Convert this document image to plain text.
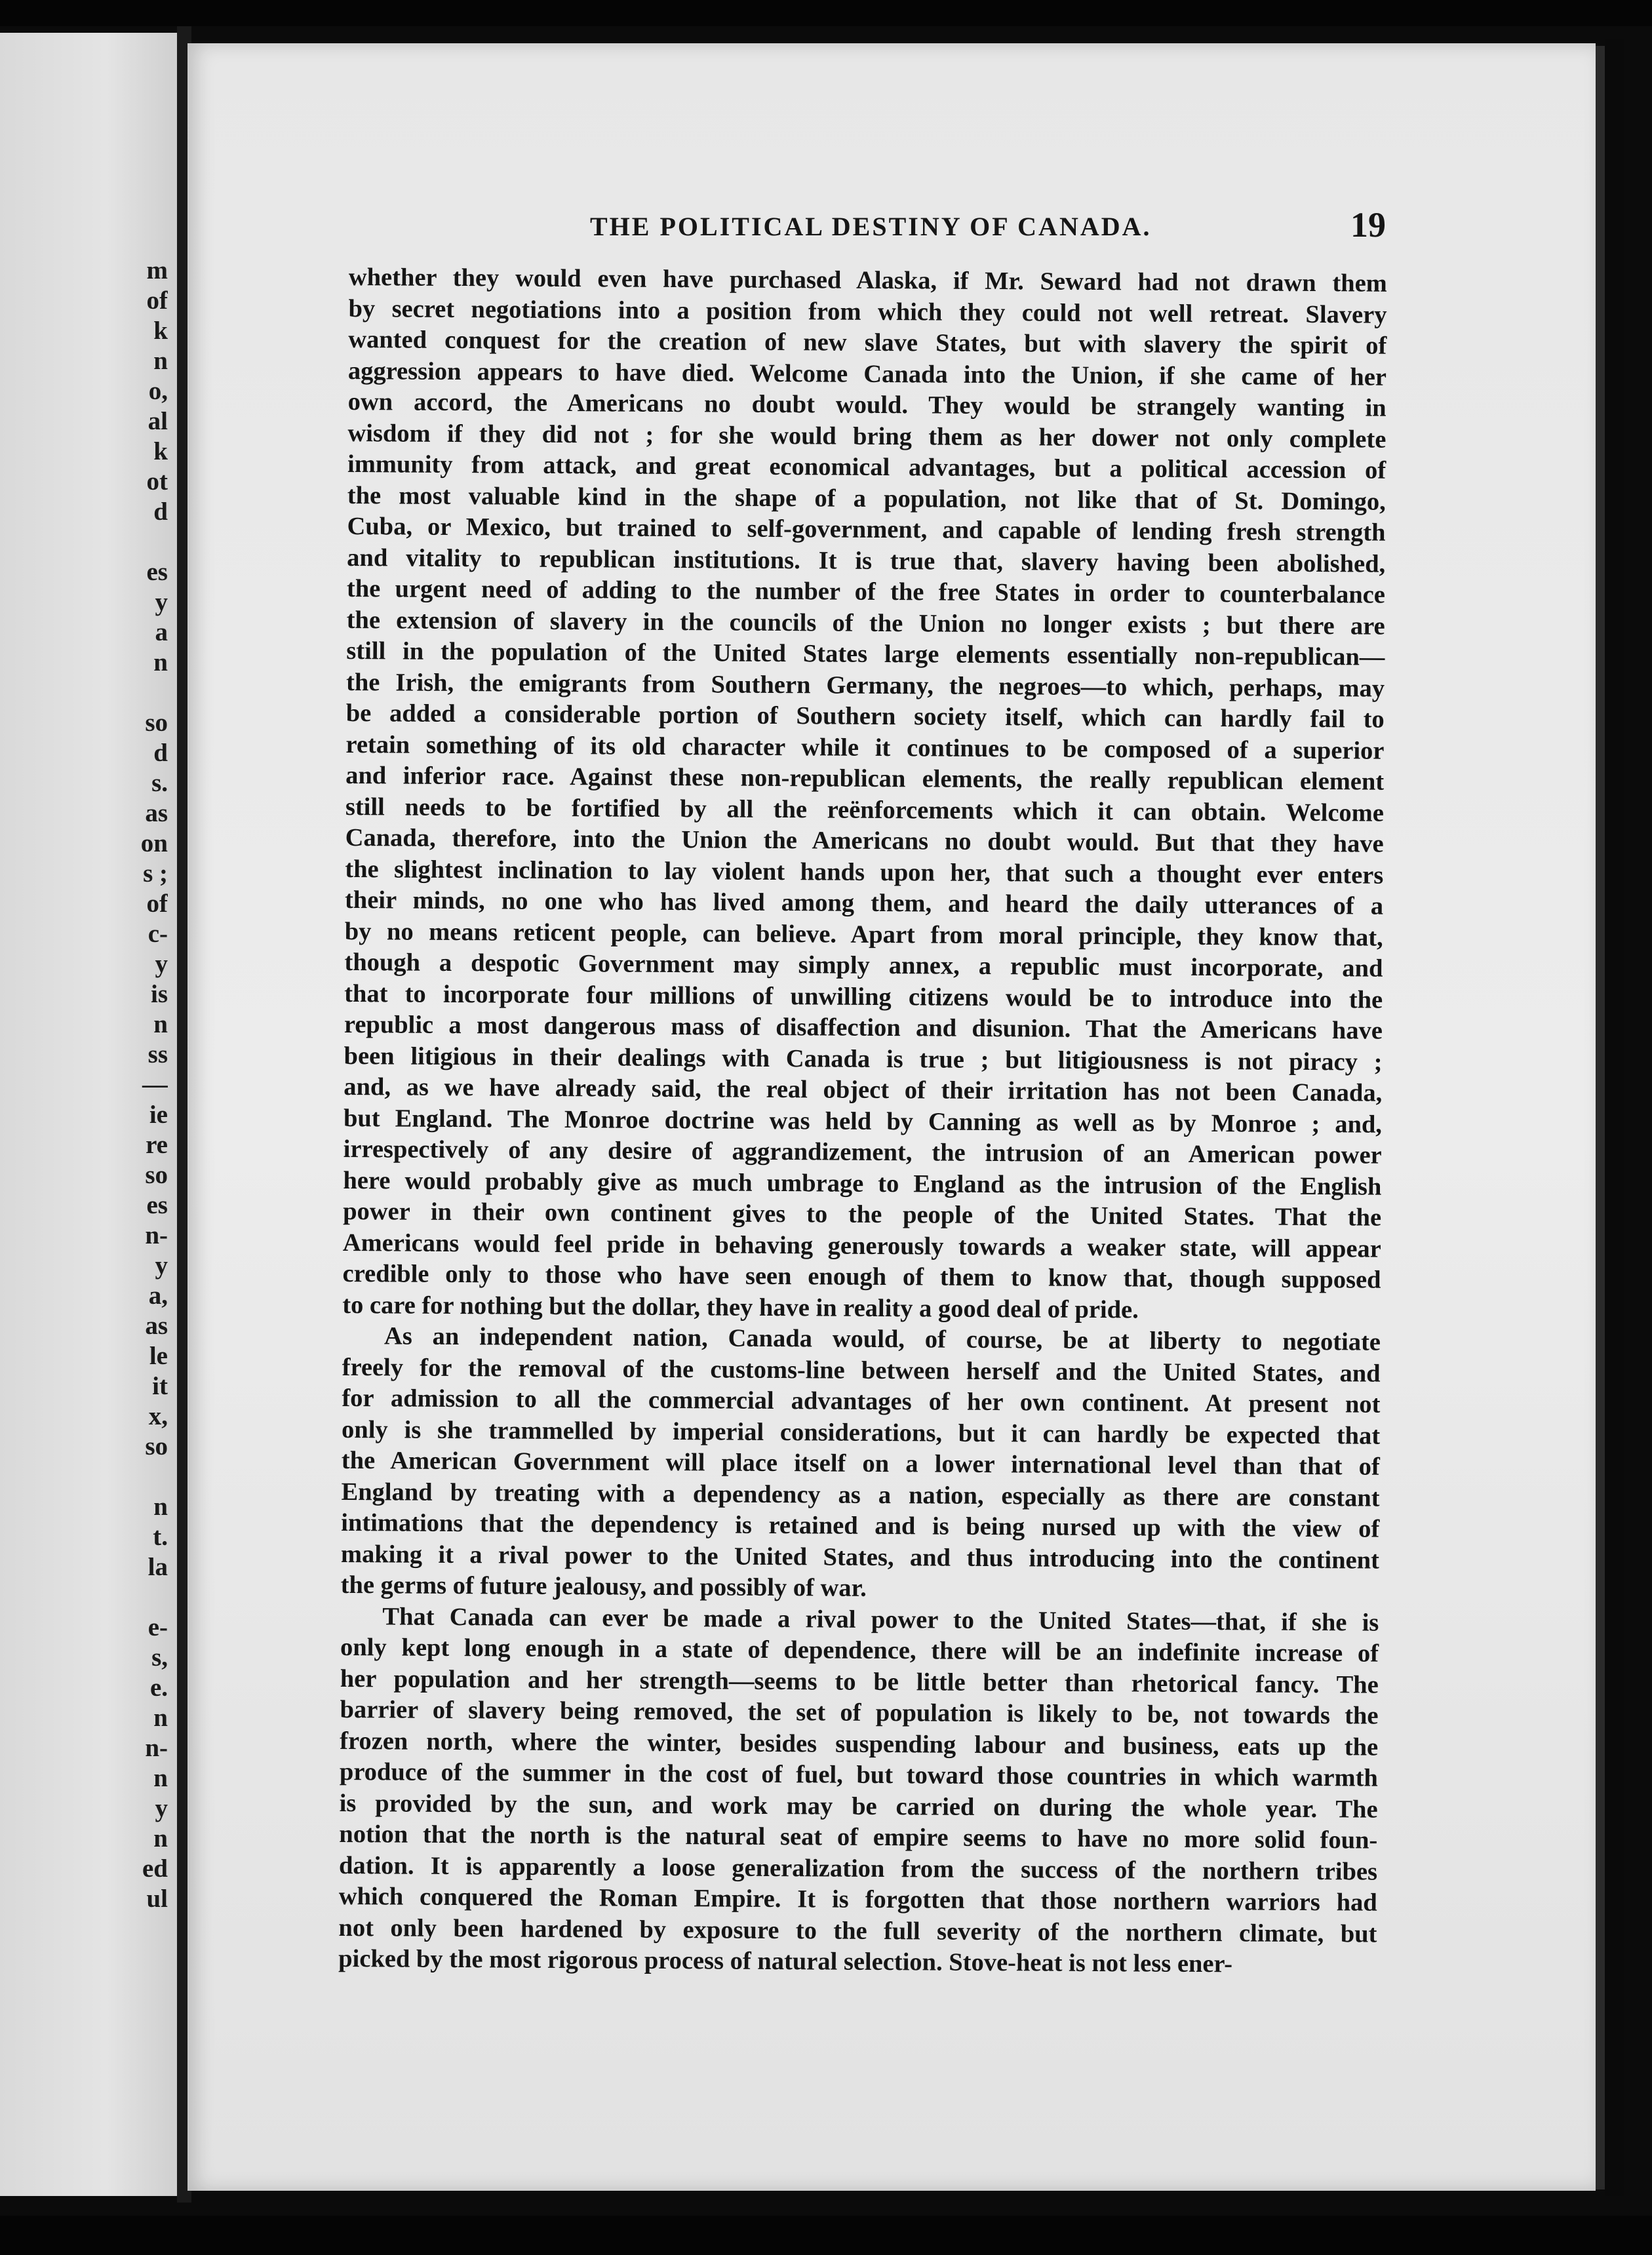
m
of
k
n
o,
al
k
ot
d
es
y
a
n
so
d
s.
as
on
s ;
of
c-
y
is
n
ss
—
ie
re
so
es
n-
y
a,
as
le
it
x,
so
n
t.
la
e-
s,
e.
n
n-
n
y
n
ed
ul
THE POLITICAL DESTINY OF CANADA.	19
whether they would even have purchased Alaska, if Mr. Seward had not drawn them
by secret negotiations into a position from which they could not well retreat. Slavery
wanted conquest for the creation of new slave States, but with slavery the spirit of
aggression appears to have died. Welcome Canada into the Union, if she came of her
own accord, the Americans no doubt would. They would be strangely wanting in
wisdom if they did not ; for she would bring them as her dower not only complete
immunity from attack, and great economical advantages, but a political accession of
the most valuable kind in the shape of a population, not like that of St. Domingo,
Cuba, or Mexico, but trained to self-government, and capable of lending fresh strength
and vitality to republican institutions. It is true that, slavery having been abolished,
the urgent need of adding to the number of the free States in order to counterbalance
the extension of slavery in the councils of the Union no longer exists ; but there are
still in the population of the United States large elements essentially non-republican—
the Irish, the emigrants from Southern Germany, the negroes—to which, perhaps, may
be added a considerable portion of Southern society itself, which can hardly fail to
retain something of its old character while it continues to be composed of a superior
and inferior race. Against these non-republican elements, the really republican element
still needs to be fortified by all the reënforcements which it can obtain. Welcome
Canada, therefore, into the Union the Americans no doubt would. But that they have
the slightest inclination to lay violent hands upon her, that such a thought ever enters
their minds, no one who has lived among them, and heard the daily utterances of a
by no means reticent people, can believe. Apart from moral principle, they know that,
though a despotic Government may simply annex, a republic must incorporate, and
that to incorporate four millions of unwilling citizens would be to introduce into the
republic a most dangerous mass of disaffection and disunion. That the Americans have
been litigious in their dealings with Canada is true ; but litigiousness is not piracy ;
and, as we have already said, the real object of their irritation has not been Canada,
but England. The Monroe doctrine was held by Canning as well as by Monroe ; and,
irrespectively of any desire of aggrandizement, the intrusion of an American power
here would probably give as much umbrage to England as the intrusion of the English
power in their own continent gives to the people of the United States. That the
Americans would feel pride in behaving generously towards a weaker state, will appear
credible only to those who have seen enough of them to know that, though supposed
to care for nothing but the dollar, they have in reality a good deal of pride.
As an independent nation, Canada would, of course, be at liberty to negotiate
freely for the removal of the customs-line between herself and the United States, and
for admission to all the commercial advantages of her own continent. At present not
only is she trammelled by imperial considerations, but it can hardly be expected that
the American Government will place itself on a lower international level than that of
England by treating with a dependency as a nation, especially as there are constant
intimations that the dependency is retained and is being nursed up with the view of
making it a rival power to the United States, and thus introducing into the continent
the germs of future jealousy, and possibly of war.
That Canada can ever be made a rival power to the United States—that, if she is
only kept long enough in a state of dependence, there will be an indefinite increase of
her population and her strength—seems to be little better than rhetorical fancy. The
barrier of slavery being removed, the set of population is likely to be, not towards the
frozen north, where the winter, besides suspending labour and business, eats up the
produce of the summer in the cost of fuel, but toward those countries in which warmth
is provided by the sun, and work may be carried on during the whole year. The
notion that the north is the natural seat of empire seems to have no more solid foun-
dation. It is apparently a loose generalization from the success of the northern tribes
which conquered the Roman Empire. It is forgotten that those northern warriors had
not only been hardened by exposure to the full severity of the northern climate, but
picked by the most rigorous process of natural selection. Stove-heat is not less ener-
